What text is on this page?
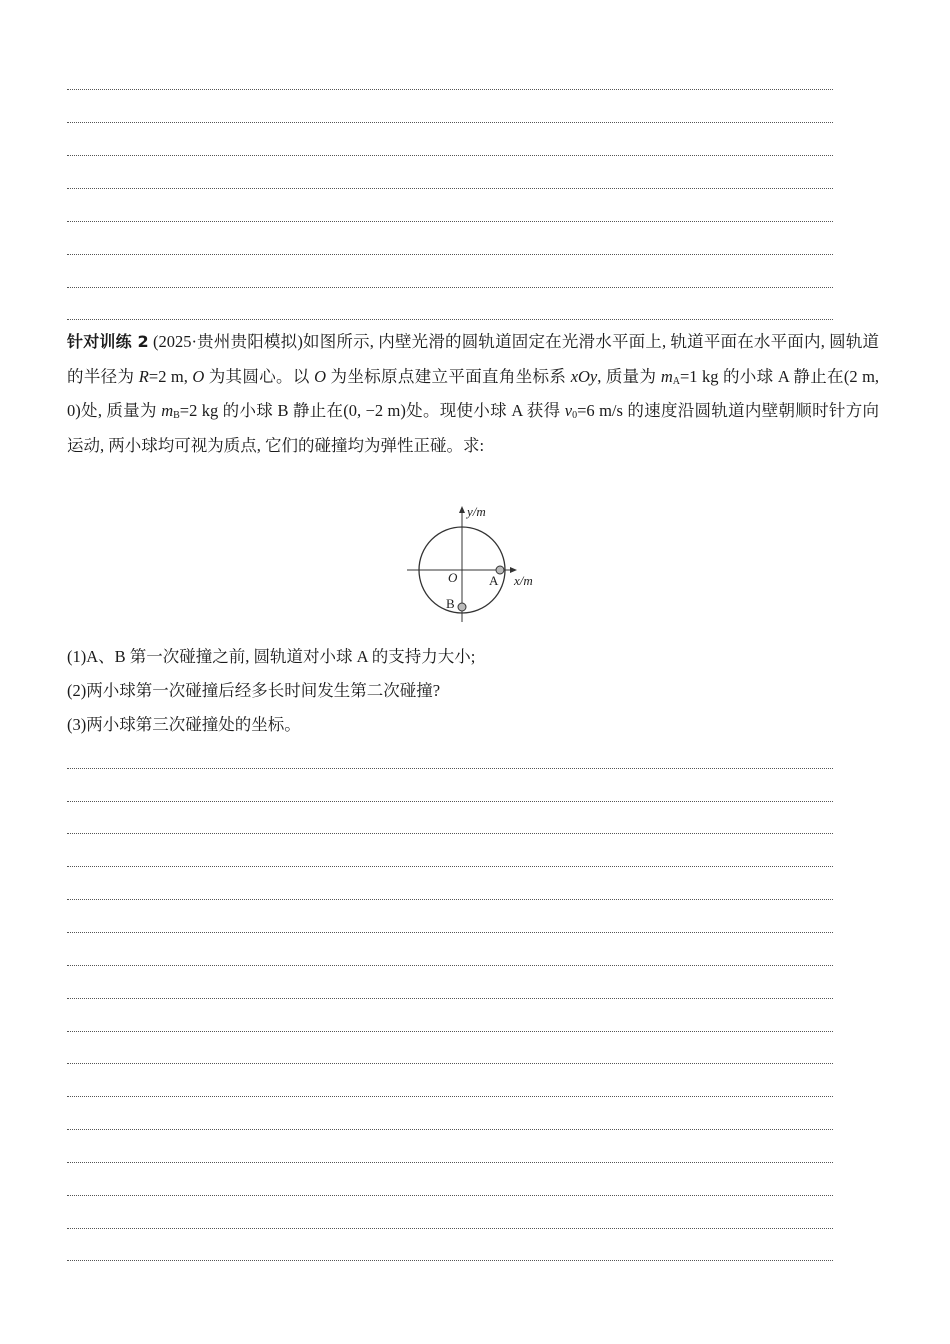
针对训练 2 (2025·贵州贵阳模拟)如图所示, 内壁光滑的圆轨道固定在光滑水平面上, 轨道平面在水平面内, 圆轨道的半径为 R=2 m, O 为其圆心。以 O 为坐标原点建立平面直角坐标系 xOy, 质量为 $m_A=1$ kg 的小球 A 静止在(2 m, 0)处, 质量为 $m_B=2$ kg 的小球 B 静止在(0, −2 m)处。现使小球 A 获得 $v_0=6$ m/s 的速度沿圆轨道内壁朝顺时针方向运动, 两小球均可视为质点, 它们的碰撞均为弹性正碰。求:

y/m
x/m
O A
B
(1)A、B 第一次碰撞之前, 圆轨道对小球 A 的支持力大小;
(2)两小球第一次碰撞后经多长时间发生第二次碰撞?
(3)两小球第三次碰撞处的坐标。
